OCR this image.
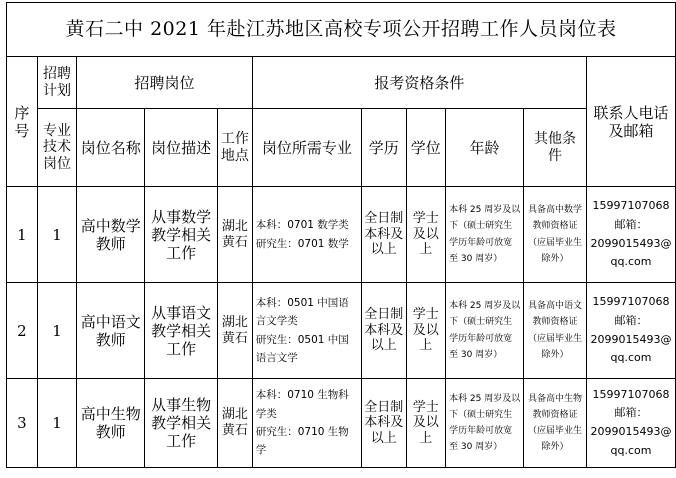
黄石二中 2021 年赴江苏地区高校专项公开招聘工作人员岗位表										
序
号	招聘
计划	招聘岗位			报考资格条件					联系人电话
及邮箱
	专业
技术
岗位	岗位名称	岗位描述	工作
地点	岗位所需专业	学历	学位	年龄	其他条
件	
1	1	高中数学
教师	从事数学
教学相关
工作	湖北
黄石	本科：0701 数学类
研究生：0701 数学	全日制
本科及
以上	学士
及以
上	本科 25 周岁及以
下（硕士研究生
学历年龄可放宽
至 30 周岁）	具备高中数学
教师资格证
（应届毕业生
除外）	15997107068
邮箱：
2099015493@
qq.com
2	1	高中语文
教师	从事语文
教学相关
工作	湖北
黄石	本科：0501 中国语
言文学类
研究生：0501 中国
语言文学	全日制
本科及
以上	学士
及以
上	本科 25 周岁及以
下（硕士研究生
学历年龄可放宽
至 30 周岁）	具备高中语文
教师资格证
（应届毕业生
除外）	15997107068
邮箱：
2099015493@
qq.com
3	1	高中生物
教师	从事生物
教学相关
工作	湖北
黄石	本科：0710 生物科
学类
研究生：0710 生物
学	全日制
本科及
以上	学士
及以
上	本科 25 周岁及以
下（硕士研究生
学历年龄可放宽
至 30 周岁）	具备高中生物
教师资格证
（应届毕业生
除外）	15997107068
邮箱：
2099015493@
qq.com
